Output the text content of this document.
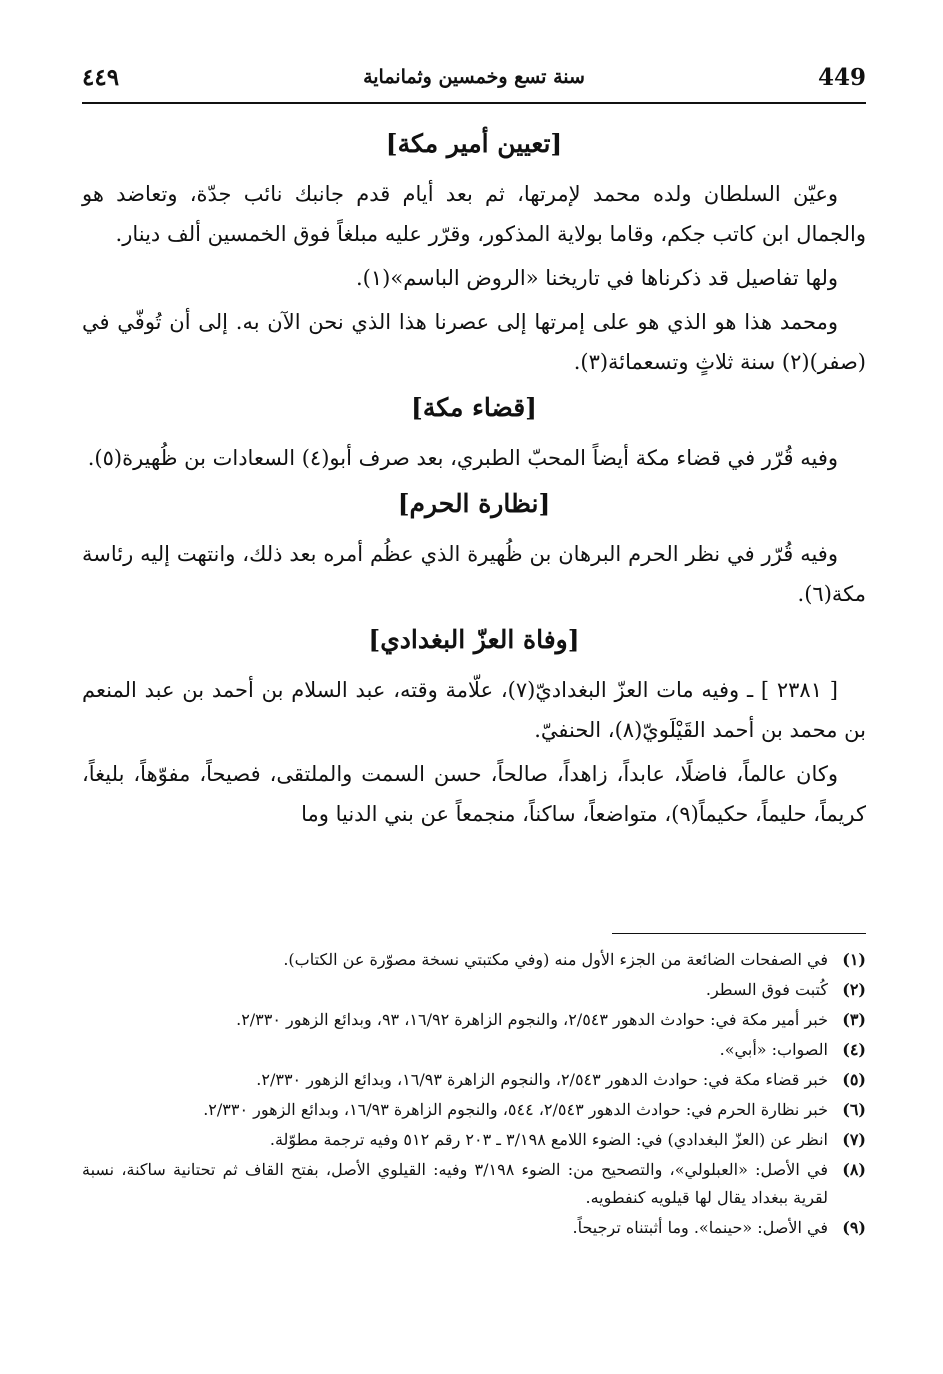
449
سنة تسع وخمسين وثمانماية
٤٤٩
[تعيين أمير مكة]

وعيّن السلطان ولده محمد لإمرتها، ثم بعد أيام قدم جانبك نائب جدّة، وتعاضد هو والجمال ابن كاتب جكم، وقاما بولاية المذكور، وقرّر عليه مبلغاً فوق الخمسين ألف دينار.

ولها تفاصيل قد ذكرناها في تاريخنا «الروض الباسم»(١).

ومحمد هذا هو الذي هو على إمرتها إلى عصرنا هذا الذي نحن الآن به. إلى أن تُوفّي في (صفر)(٢) سنة ثلاثٍ وتسعمائة(٣).

[قضاء مكة]

وفيه قُرّر في قضاء مكة أيضاً المحبّ الطبري، بعد صرف أبو(٤) السعادات بن ظُهيرة(٥).

[نظارة الحرم]

وفيه قُرّر في نظر الحرم البرهان بن ظُهيرة الذي عظُم أمره بعد ذلك، وانتهت إليه رئاسة مكة(٦).

[وفاة العزّ البغدادي]

[ ٢٣٨١ ] ـ وفيه مات العزّ البغداديّ(٧)، علّامة وقته، عبد السلام بن أحمد بن عبد المنعم بن محمد بن أحمد القَيْلَويّ(٨)، الحنفيّ.

وكان عالماً، فاضلًا، عابداً، زاهداً، صالحاً، حسن السمت والملتقى، فصيحاً، مفوّهاً، بليغاً، كريماً، حليماً، حكيماً(٩)، متواضعاً، ساكناً، منجمعاً عن بني الدنيا وما

(١)
في الصفحات الضائعة من الجزء الأول منه (وفي مكتبتي نسخة مصوّرة عن الكتاب).
(٢)
كُتبت فوق السطر.
(٣)
خبر أمير مكة في: حوادث الدهور ٢/٥٤٣، والنجوم الزاهرة ١٦/٩٢، ٩٣، وبدائع الزهور ٢/٣٣٠.
(٤)
الصواب: «أبي».
(٥)
خبر قضاء مكة في: حوادث الدهور ٢/٥٤٣، والنجوم الزاهرة ١٦/٩٣، وبدائع الزهور ٢/٣٣٠.
(٦)
خبر نظارة الحرم في: حوادث الدهور ٢/٥٤٣، ٥٤٤، والنجوم الزاهرة ١٦/٩٣، وبدائع الزهور ٢/٣٣٠.
(٧)
انظر عن (العزّ البغدادي) في: الضوء اللامع ٣/١٩٨ ـ ٢٠٣ رقم ٥١٢ وفيه ترجمة مطوّلة.
(٨)
في الأصل: «العبلولي»، والتصحيح من: الضوء ٣/١٩٨ وفيه: القيلوي الأصل، بفتح القاف ثم تحتانية ساكنة، نسبة لقرية ببغداد يقال لها قيلويه كنفطويه.
(٩)
في الأصل: «حينما». وما أثبتناه ترجيحاً.
